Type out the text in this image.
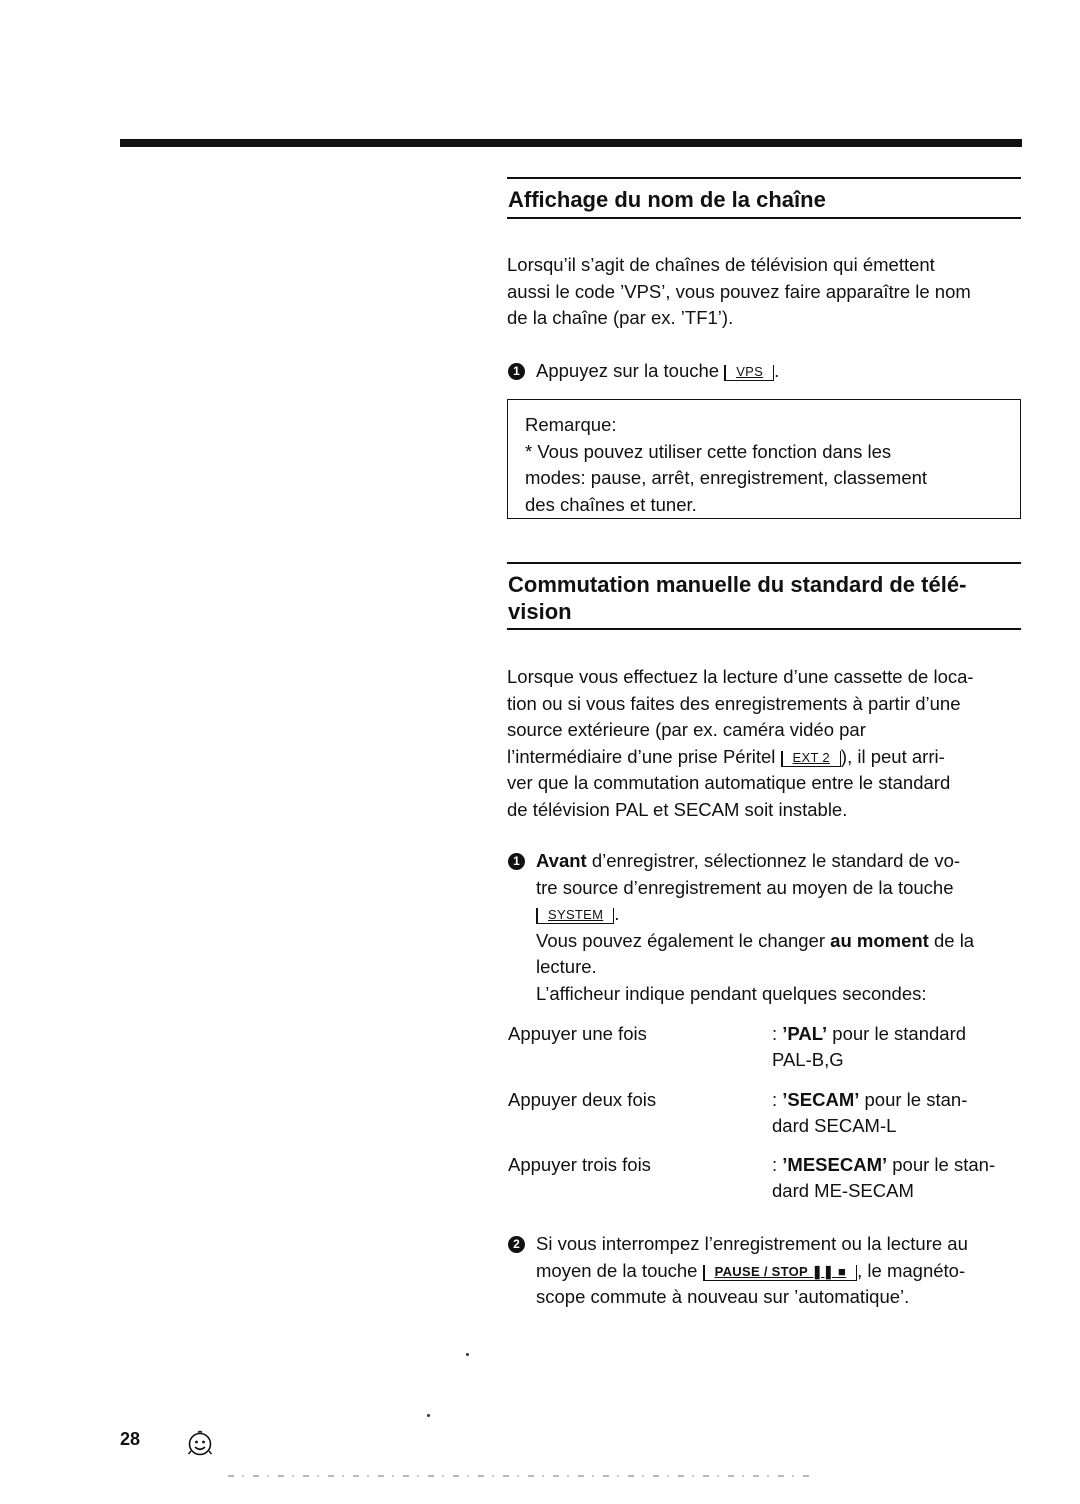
Affichage du nom de la chaîne

Lorsqu’il s’agit de chaînes de télévision qui émettent

aussi le code ’VPS’, vous pouvez faire apparaître le nom

de la chaîne (par ex. ’TF1’).

1 Appuyez sur la touche VPS .
Remarque:
* Vous pouvez utiliser cette fonction dans les
modes: pause, arrêt, enregistrement, classement
des chaînes et tuner.
Commutation manuelle du standard de télé-
vision

Lorsque vous effectuez la lecture d’une cassette de loca-

tion ou si vous faites des enregistrements à partir d’une

source extérieure (par ex. caméra vidéo par

l’intermédiaire d’une prise Péritel EXT 2 ), il peut arri-

ver que la commutation automatique entre le standard

de télévision PAL et SECAM soit instable.

1 Avant d’enregistrer, sélectionnez le standard de vo-
tre source d’enregistrement au moyen de la touche
SYSTEM .
Vous pouvez également le changer au moment de la
lecture.
L’afficheur indique pendant quelques secondes:
Appuyer une fois	: ’PAL’ pour le standard
PAL-B,G
Appuyer deux fois	: ’SECAM’ pour le stan-
dard SECAM-L
Appuyer trois fois	: ’MESECAM’ pour le stan-
dard ME-SECAM
2 Si vous interrompez l’enregistrement ou la lecture au
moyen de la touche PAUSE / STOP ❚❚ ■ , le magnéto-
scope commute à nouveau sur ’automatique’.
28
